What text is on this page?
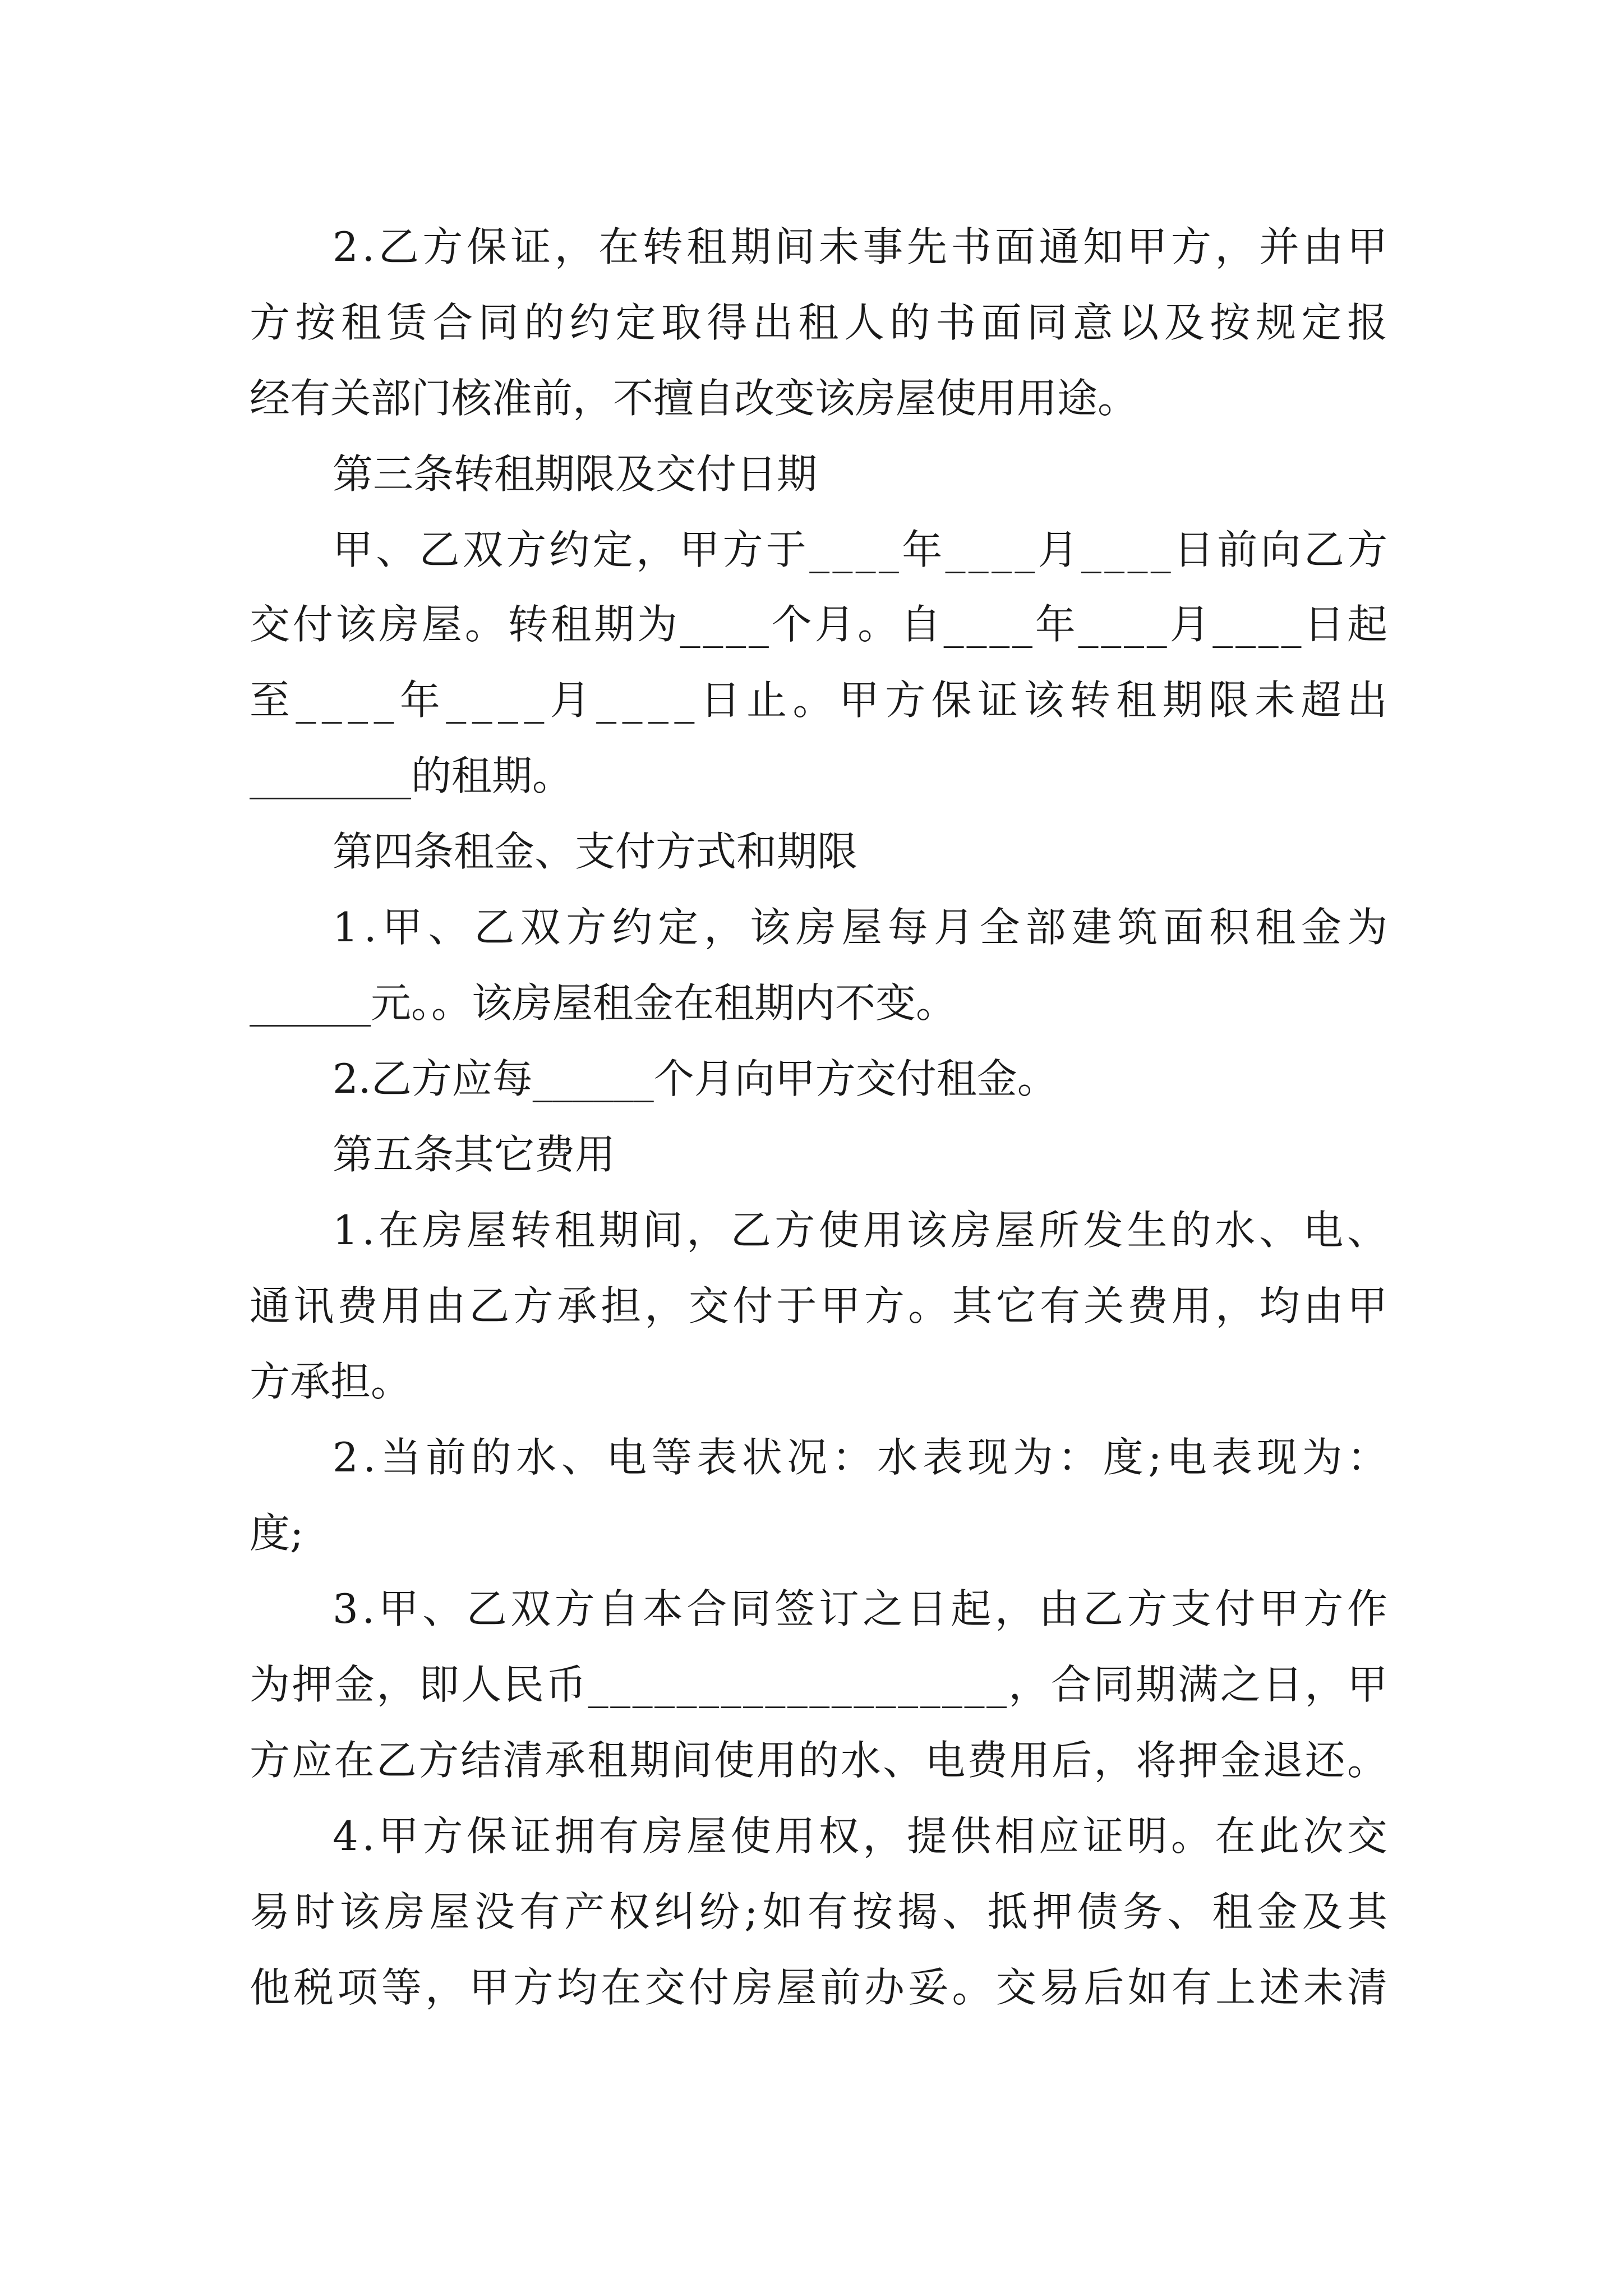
2.乙方保证，在转租期间未事先书面通知甲方，并由甲
方按租赁合同的约定取得出租人的书面同意以及按规定报
经有关部门核准前，不擅自改变该房屋使用用途。
第三条转租期限及交付日期
甲、乙双方约定，甲方于____年____月____日前向乙方
交付该房屋。转租期为____个月。自____年____月____日起
至____年____月____日止。甲方保证该转租期限未超出
________的租期。
第四条租金、支付方式和期限
1.甲、乙双方约定，该房屋每月全部建筑面积租金为
______元。。该房屋租金在租期内不变。
2.乙方应每______个月向甲方交付租金。
第五条其它费用
1.在房屋转租期间，乙方使用该房屋所发生的水、电、
通讯费用由乙方承担，交付于甲方。其它有关费用，均由甲
方承担。
2.当前的水、电等表状况：水表现为：度;电表现为：
度;
3.甲、乙双方自本合同签订之日起，由乙方支付甲方作
为押金，即人民币___________________，合同期满之日，甲
方应在乙方结清承租期间使用的水、电费用后，将押金退还。
4.甲方保证拥有房屋使用权，提供相应证明。在此次交
易时该房屋没有产权纠纷;如有按揭、抵押债务、租金及其
他税项等，甲方均在交付房屋前办妥。交易后如有上述未清
